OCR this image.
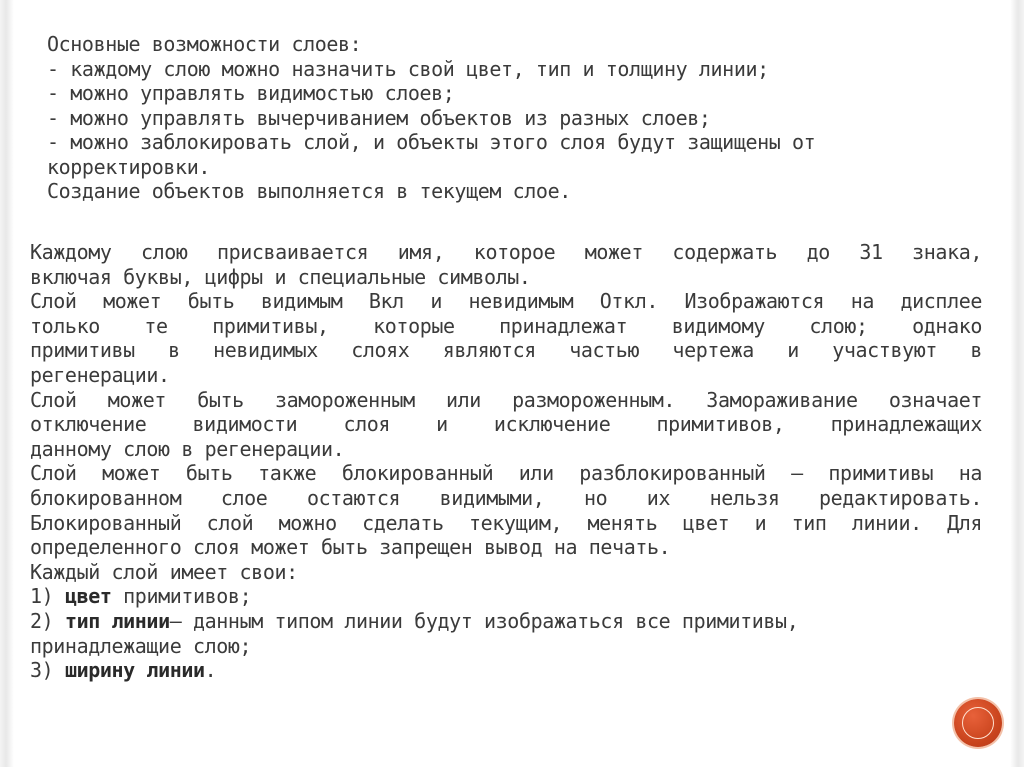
Основные возможности слоев:
- каждому слою можно назначить свой цвет, тип и толщину линии;
- можно управлять видимостью слоев;
- можно управлять вычерчиванием объектов из разных слоев;
- можно заблокировать слой, и объекты этого слоя будут защищены от
корректировки.
Создание объектов выполняется в текущем слое.
Каждому слою присваивается имя, которое может содержать до 31 знака,
включая буквы, цифры и специальные символы.
Слой может быть видимым Вкл и невидимым Откл. Изображаются на дисплее
только те примитивы, которые принадлежат видимому слою; однако
примитивы в невидимых слоях являются частью чертежа и участвуют в
регенерации.
Слой может быть замороженным или размороженным. Замораживание означает
отключение видимости слоя и исключение примитивов, принадлежащих
данному слою в регенерации.
Слой может быть также блокированный или разблокированный – примитивы на
блокированном слое остаются видимыми, но их нельзя редактировать.
Блокированный слой можно сделать текущим, менять цвет и тип линии. Для
определенного слоя может быть запрещен вывод на печать.
Каждый слой имеет свои:
1) цвет примитивов;
2) тип линии– данным типом линии будут изображаться все примитивы,
принадлежащие слою;
3) ширину линии.
